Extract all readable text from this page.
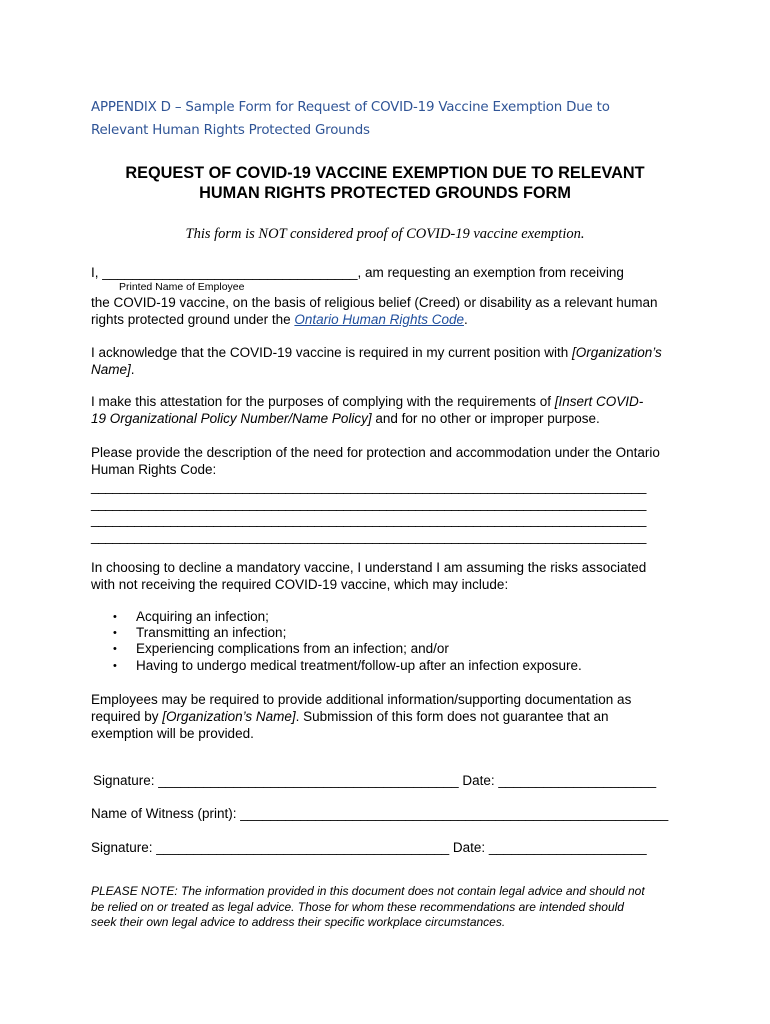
APPENDIX D – Sample Form for Request of COVID-19 Vaccine Exemption Due to
Relevant Human Rights Protected Grounds
REQUEST OF COVID-19 VACCINE EXEMPTION DUE TO RELEVANT
HUMAN RIGHTS PROTECTED GROUNDS FORM
This form is NOT considered proof of COVID-19 vaccine exemption.
I, __________________________________, am requesting an exemption from receiving
Printed Name of Employee
the COVID-19 vaccine, on the basis of religious belief (Creed) or disability as a relevant human
rights protected ground under the Ontario Human Rights Code.
I acknowledge that the COVID-19 vaccine is required in my current position with [Organization’s
Name].
I make this attestation for the purposes of complying with the requirements of [Insert COVID-
19 Organizational Policy Number/Name Policy] and for no other or improper purpose.
Please provide the description of the need for protection and accommodation under the Ontario
Human Rights Code:
_____________________________________________________________________________
_____________________________________________________________________________
_____________________________________________________________________________
_____________________________________________________________________________
In choosing to decline a mandatory vaccine, I understand I am assuming the risks associated
with not receiving the required COVID-19 vaccine, which may include:
•	Acquiring an infection;
•	Transmitting an infection;
•	Experiencing complications from an infection; and/or
•	Having to undergo medical treatment/follow-up after an infection exposure.
Employees may be required to provide additional information/supporting documentation as
required by [Organization’s Name]. Submission of this form does not guarantee that an
exemption will be provided.
Signature: ________________________________________ Date: _____________________
Name of Witness (print): _________________________________________________________
Signature: _______________________________________ Date: _____________________
PLEASE NOTE: The information provided in this document does not contain legal advice and should not
be relied on or treated as legal advice. Those for whom these recommendations are intended should
seek their own legal advice to address their specific workplace circumstances.
